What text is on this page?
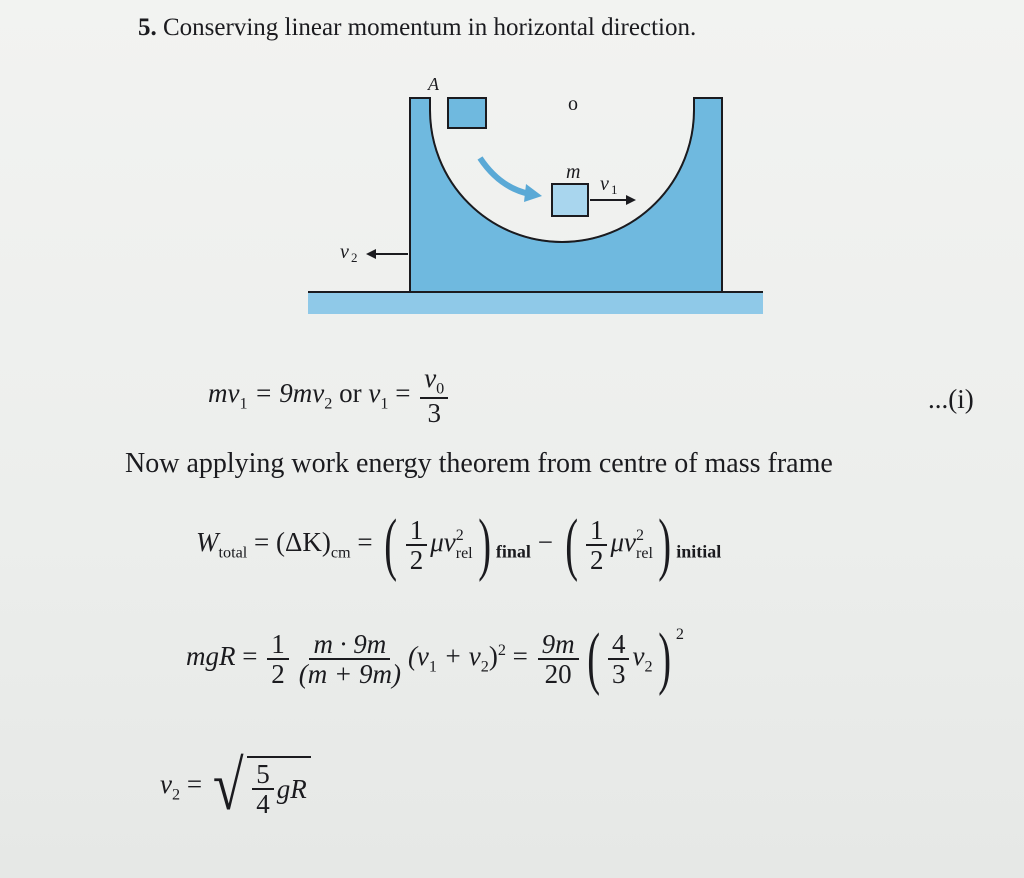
5. Conserving linear momentum in horizontal direction.
A
o
m
v 1
v 2
$mv_1 = 9mv_2$ or $v_1 = \frac{v_0}{3}$	...(i)
Now applying work energy theorem from centre of mass frame
$W_{total} = (\Delta K)_{cm}$ = ( $\frac{1}{2}$ μv 2
rel ) $_{final}$ − ( $\frac{1}{2}$ μv 2
rel ) $_{initial}$
mgR = $\frac{1}{2} \frac{m \cdot 9m}{(m + 9m)} (v_1 + v_2)^2 = \frac{9m}{20}$ ( $\frac{4}{3} v_2$) $^2$
$v_2$ = √ $\frac{5}{4}$ gR
